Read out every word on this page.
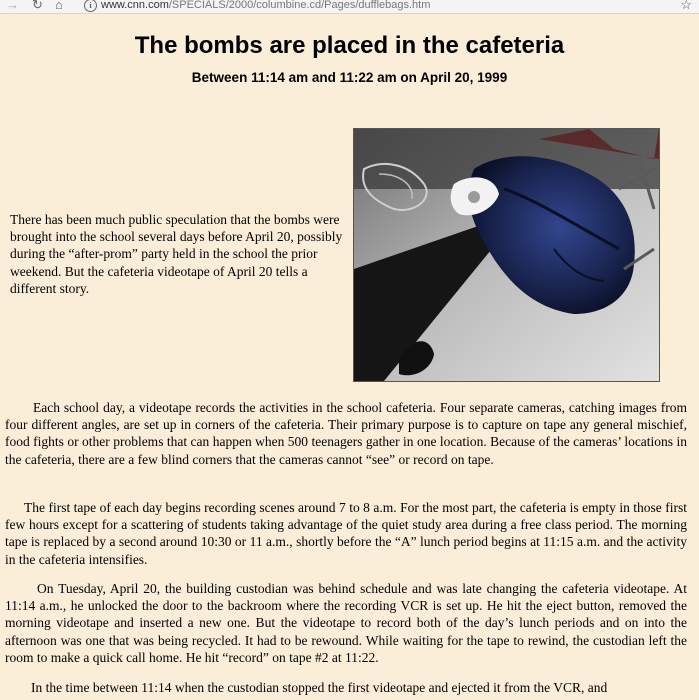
→ ↻ ⌂	i www.cnn.com/SPECIALS/2000/columbine.cd/Pages/dufflebags.htm	☆
The bombs are placed in the cafeteria
Between 11:14 am and 11:22 am on April 20, 1999

There has been much public speculation that the bombs were brought into the school several days before April 20, possibly during the “after-prom” party held in the school the prior weekend. But the cafeteria videotape of April 20 tells a different story.

Each school day, a videotape records the activities in the school cafeteria. Four separate cameras, catching images from four different angles, are set up in corners of the cafeteria. Their primary purpose is to capture on tape any general mischief, food fights or other problems that can happen when 500 teenagers gather in one location. Because of the cameras’ locations in the cafeteria, there are a few blind corners that the cameras cannot “see” or record on tape.

The first tape of each day begins recording scenes around 7 to 8 a.m. For the most part, the cafeteria is empty in those first few hours except for a scattering of students taking advantage of the quiet study area during a free class period. The morning tape is replaced by a second around 10:30 or 11 a.m., shortly before the “A” lunch period begins at 11:15 a.m. and the activity in the cafeteria intensifies.

On Tuesday, April 20, the building custodian was behind schedule and was late changing the cafeteria videotape. At 11:14 a.m., he unlocked the door to the backroom where the recording VCR is set up. He hit the eject button, removed the morning videotape and inserted a new one. But the videotape to record both of the day’s lunch periods and on into the afternoon was one that was being recycled. It had to be rewound. While waiting for the tape to rewind, the custodian left the room to make a quick call home. He hit “record” on tape #2 at 11:22.

In the time between 11:14 when the custodian stopped the first videotape and ejected it from the VCR, and
